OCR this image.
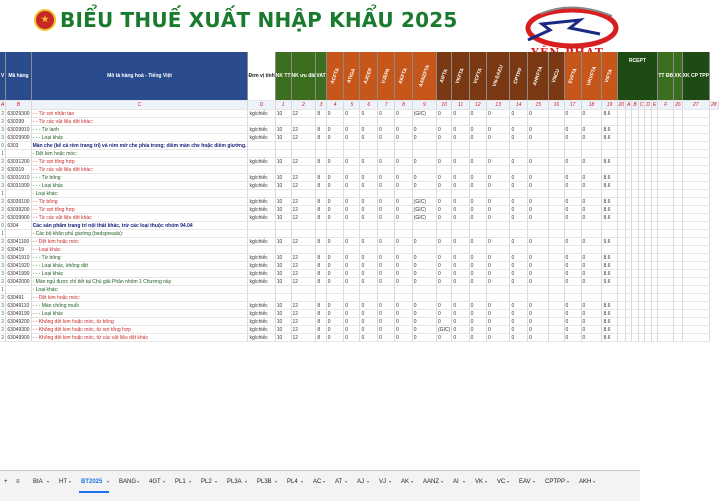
BIỂU THUẾ XUẤT NHẬP KHẨU 2025
V	Mã hàng	Mô tả hàng hoá - Tiếng Việt	Đơn vị tính	NK TT	NK ưu đãi	VAT	ACFTA	ATIGA	AJCEP	VJEPA	AKFTA	AANZFTA	AIFTA	VKFTA	VCFTA	VN-EAEU	CPTPP	AHKFTA	VNCU	EVFTA	UKVFTA	VIFTA	RCEPT						TT ĐB	XK	XK CP TPP	
A	B	C	D	1	2	3	4	5	6	7	8	9	10	11	12	13	14	15	16	17	18	19	20	A	B	C	D	E	F	26	27	28
2	63029300	- - Từ sợi nhân tạo	kg/chiếc	10	12	8	0	0	0	0	0	(GIC)	0	0	0	0	0	0		0	0	8.6										
2	630299	- - Từ các vật liệu dệt khác:																														
3	63029910	- - - Từ lanh	kg/chiếc	10	12	8	0	0	0	0	0	0	0	0	0	0	0	0		0	0	8.6										
3	63029990	- - - Loại khác	kg/chiếc	10	12	8	0	0	0	0	0	0	0	0	0	0	0	0		0	0	8.6										
0	6303	Màn che (kể cả rèm trang trí) và rèm mờ che phía trong; diềm màn che hoặc diềm giường.																														
1		- Dệt kim hoặc móc:																														
2	63031200	- - Từ sợi tổng hợp	kg/chiếc	10	12	8	0	0	0	0	0	0	0	0	0	0	0	0		0	0	8.6										
2	630319	- - Từ các vật liệu dệt khác:																														
3	63031910	- - - Từ bông	kg/chiếc	10	12	8	0	0	0	0	0	0	0	0	0	0	0	0		0	0	8.6										
3	63031990	- - - Loại khác	kg/chiếc	10	12	8	0	0	0	0	0	0	0	0	0	0	0	0		0	0	8.6										
1		- Loại khác:																														
2	63039100	- - Từ bông	kg/chiếc	10	12	8	0	0	0	0	0	(GIC)	0	0	0	0	0	0		0	0	8.6										
2	63039200	- - Từ sợi tổng hợp	kg/chiếc	10	12	8	0	0	0	0	0	(GIC)	0	0	0	0	0	0		0	0	8.6										
2	63039900	- - Từ các vật liệu dệt khác	kg/chiếc	10	12	8	0	0	0	0	0	(GIC)	0	0	0	0	0	0		0	0	8.6										
0	6304	Các sản phẩm trang trí nội thất khác, trừ các loại thuộc nhóm 94.04																														
1		- Các bộ khăn phủ giường (bedspreads):																														
2	63041100	- - Dệt kim hoặc móc	kg/chiếc	10	12	8	0	0	0	0	0	0	0	0	0	0	0	0		0	0	9.6										
2	630419	- - Loại khác:																														
3	63041910	- - - Từ bông	kg/chiếc	10	12	8	0	0	0	0	0	0	0	0	0	0	0	0		0	0	8.6										
3	63041920	- - - Loại khác, không dệt	kg/chiếc	10	12	8	0	0	0	0	0	0	0	0	0	0	0	0		0	0	8.6										
3	63041990	- - - Loại khác	kg/chiếc	10	12	8	0	0	0	0	0	0	0	0	0	0	0	0		0	0	8.6										
2	63042000	- Màn ngủ được chỉ tiết tại Chú giải Phân nhóm 1 Chương này	kg/chiếc	10	12	8	0	0	0	0	0	0	0	0	0	0	0	0		0	0	9.6										
1		- Loại khác:																														
2	630491	- - Dệt kim hoặc móc:																														
3	63049110	- - - Màn chống muỗi	kg/chiếc	10	12	8	0	0	0	0	0	0	0	0	0	0	0	0		0	0	8.6										
3	63049190	- - - Loại khác	kg/chiếc	10	12	8	0	0	0	0	0	0	0	0	0	0	0	0		0	0	8.6										
2	63049200	- - Không dệt kim hoặc móc, từ bông	kg/chiếc	10	12	8	0	0	0	0	0	0	0	0	0	0	0	0		0	0	8.6										
2	63049300	- - Không dệt kim hoặc móc, từ sợi tổng hợp	kg/chiếc	10	12	8	0	0	0	0	0	0	(GIC)	0	0	0	0	0		0	0	8.6										
2	63049900	- - Không dệt kim hoặc móc, từ các vật liệu dệt khác	kg/chiếc	10	12	8	0	0	0	0	0	0	0	0	0	0	0	0		0	0	8.6										
+ ≡ BIA ▾ HT ▾ BT2025 ▾ BANG ▾ 4GT ▾ PL1 ▾ PL2 ▾ PL3A ▾ PL3B ▾ PL4 ▾ AC ▾ AT ▾ AJ ▾ VJ ▾ AK ▾ AANZ ▾ AI ▾ VK ▾ VC ▾ EAV ▾ CPTPP ▾ AKH ▾
